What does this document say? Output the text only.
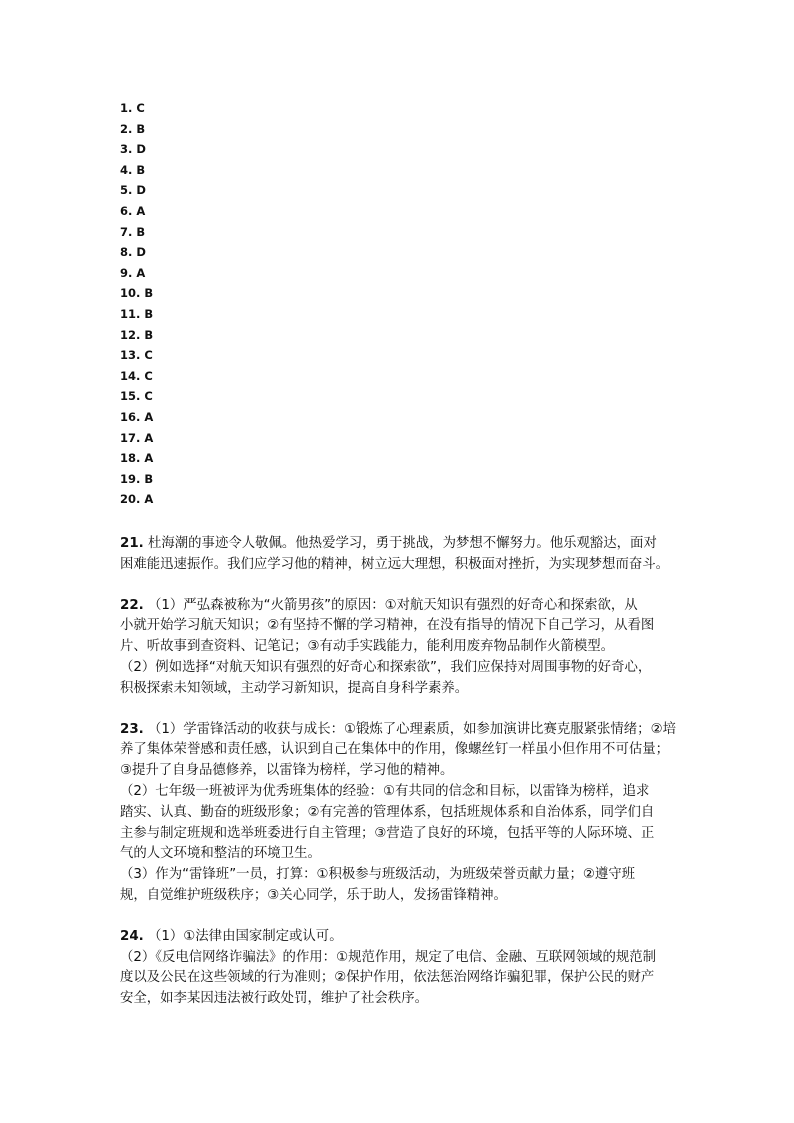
1. C
2. B
3. D
4. B
5. D
6. A
7. B
8. D
9. A
10. B
11. B
12. B
13. C
14. C
15. C
16. A
17. A
18. A
19. B
20. A
21. 杜海潮的事迹令人敬佩。他热爱学习，勇于挑战，为梦想不懈努力。他乐观豁达，面对
困难能迅速振作。我们应学习他的精神，树立远大理想，积极面对挫折，为实现梦想而奋斗。
22. （1）严弘森被称为“火箭男孩”的原因：①对航天知识有强烈的好奇心和探索欲，从
小就开始学习航天知识；②有坚持不懈的学习精神，在没有指导的情况下自己学习，从看图
片、听故事到查资料、记笔记；③有动手实践能力，能利用废弃物品制作火箭模型。
（2）例如选择“对航天知识有强烈的好奇心和探索欲”，我们应保持对周围事物的好奇心，
积极探索未知领域，主动学习新知识，提高自身科学素养。
23. （1）学雷锋活动的收获与成长：①锻炼了心理素质，如参加演讲比赛克服紧张情绪；②培
养了集体荣誉感和责任感，认识到自己在集体中的作用，像螺丝钉一样虽小但作用不可估量；
③提升了自身品德修养，以雷锋为榜样，学习他的精神。
（2）七年级一班被评为优秀班集体的经验：①有共同的信念和目标，以雷锋为榜样，追求
踏实、认真、勤奋的班级形象；②有完善的管理体系，包括班规体系和自治体系，同学们自
主参与制定班规和选举班委进行自主管理；③营造了良好的环境，包括平等的人际环境、正
气的人文环境和整洁的环境卫生。
（3）作为“雷锋班”一员，打算：①积极参与班级活动，为班级荣誉贡献力量；②遵守班
规，自觉维护班级秩序；③关心同学，乐于助人，发扬雷锋精神。
24. （1）①法律由国家制定或认可。
（2）《反电信网络诈骗法》的作用：①规范作用，规定了电信、金融、互联网领域的规范制
度以及公民在这些领域的行为准则；②保护作用，依法惩治网络诈骗犯罪，保护公民的财产
安全，如李某因违法被行政处罚，维护了社会秩序。
